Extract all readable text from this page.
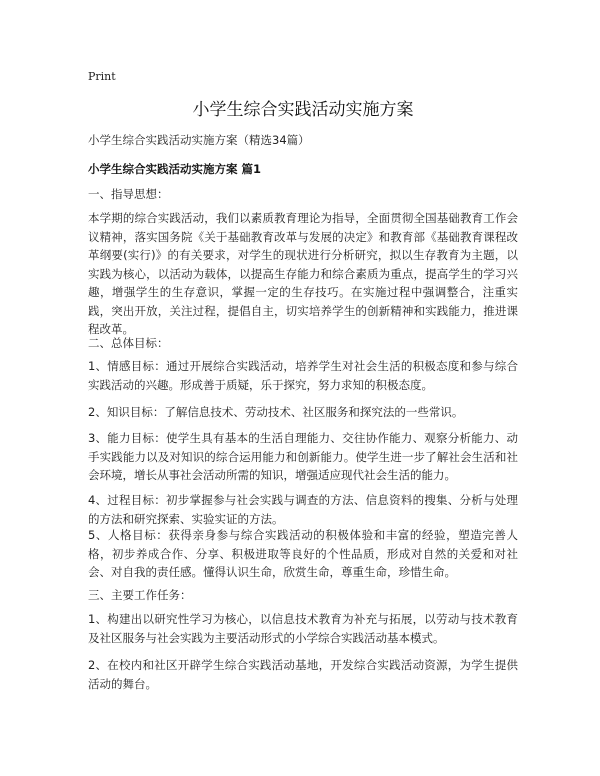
Print
小学生综合实践活动实施方案

小学生综合实践活动实施方案（精选34篇）

小学生综合实践活动实施方案 篇1

一、指导思想：

本学期的综合实践活动，我们以素质教育理论为指导，全面贯彻全国基础教育工作会议精神，落实国务院《关于基础教育改革与发展的决定》和教育部《基础教育课程改革纲要(实行)》的有关要求，对学生的现状进行分析研究，拟以生存教育为主题，以实践为核心，以活动为载体，以提高生存能力和综合素质为重点，提高学生的学习兴趣，增强学生的生存意识，掌握一定的生存技巧。在实施过程中强调整合，注重实践，突出开放，关注过程，提倡自主，切实培养学生的创新精神和实践能力，推进课程改革。

二、总体目标：

1、情感目标：通过开展综合实践活动，培养学生对社会生活的积极态度和参与综合实践活动的兴趣。形成善于质疑，乐于探究，努力求知的积极态度。

2、知识目标：了解信息技术、劳动技术、社区服务和探究法的一些常识。

3、能力目标：使学生具有基本的生活自理能力、交往协作能力、观察分析能力、动手实践能力以及对知识的综合运用能力和创新能力。使学生进一步了解社会生活和社会环境，增长从事社会活动所需的知识，增强适应现代社会生活的能力。

4、过程目标：初步掌握参与社会实践与调查的方法、信息资料的搜集、分析与处理的方法和研究探索、实验实证的方法。

5、人格目标：获得亲身参与综合实践活动的积极体验和丰富的经验，塑造完善人格，初步养成合作、分享、积极进取等良好的个性品质，形成对自然的关爱和对社会、对自我的责任感。懂得认识生命，欣赏生命，尊重生命，珍惜生命。

三、主要工作任务：

1、构建出以研究性学习为核心，以信息技术教育为补充与拓展，以劳动与技术教育及社区服务与社会实践为主要活动形式的小学综合实践活动基本模式。

2、在校内和社区开辟学生综合实践活动基地，开发综合实践活动资源，为学生提供活动的舞台。
